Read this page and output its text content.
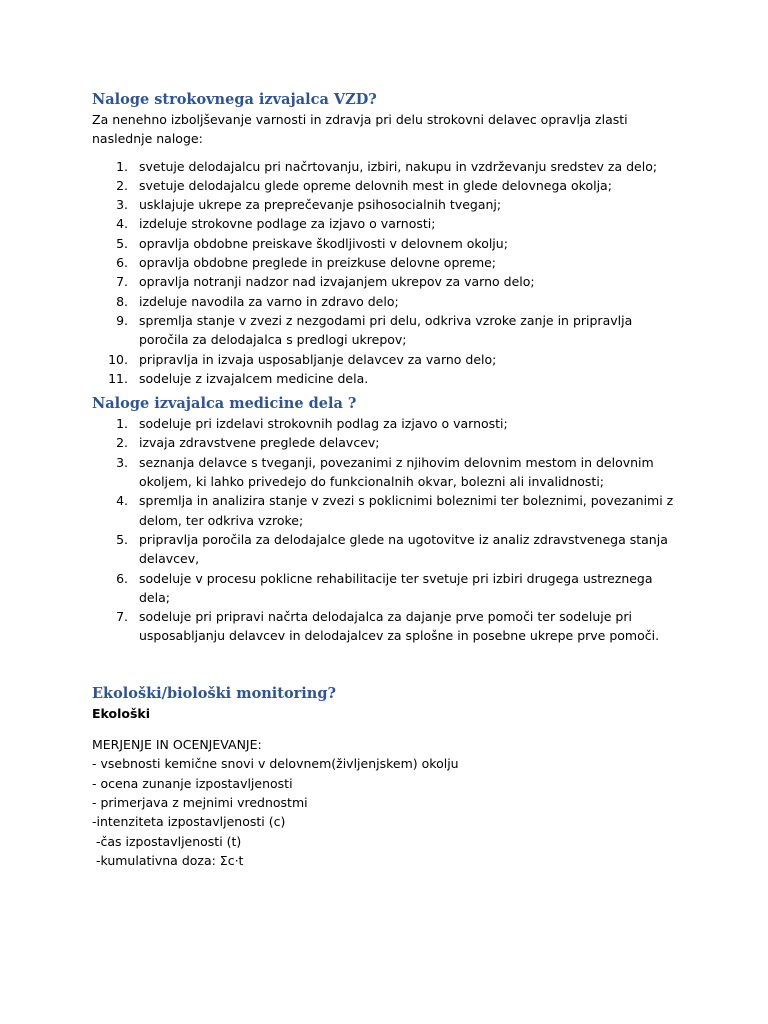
Naloge strokovnega izvajalca VZD?

Za nenehno izboljševanje varnosti in zdravja pri delu strokovni delavec opravlja zlasti naslednje naloge:

1. svetuje delodajalcu pri načrtovanju, izbiri, nakupu in vzdrževanju sredstev za delo;
2. svetuje delodajalcu glede opreme delovnih mest in glede delovnega okolja;
3. usklajuje ukrepe za preprečevanje psihosocialnih tveganj;
4. izdeluje strokovne podlage za izjavo o varnosti;
5. opravlja obdobne preiskave škodljivosti v delovnem okolju;
6. opravlja obdobne preglede in preizkuse delovne opreme;
7. opravlja notranji nadzor nad izvajanjem ukrepov za varno delo;
8. izdeluje navodila za varno in zdravo delo;
9. spremlja stanje v zvezi z nezgodami pri delu, odkriva vzroke zanje in pripravlja poročila za delodajalca s predlogi ukrepov;
10. pripravlja in izvaja usposabljanje delavcev za varno delo;
11. sodeluje z izvajalcem medicine dela.
Naloge izvajalca medicine dela ?
1. sodeluje pri izdelavi strokovnih podlag za izjavo o varnosti;
2. izvaja zdravstvene preglede delavcev;
3. seznanja delavce s tveganji, povezanimi z njihovim delovnim mestom in delovnim okoljem, ki lahko privedejo do funkcionalnih okvar, bolezni ali invalidnosti;
4. spremlja in analizira stanje v zvezi s poklicnimi boleznimi ter boleznimi, povezanimi z delom, ter odkriva vzroke;
5. pripravlja poročila za delodajalce glede na ugotovitve iz analiz zdravstvenega stanja delavcev,
6. sodeluje v procesu poklicne rehabilitacije ter svetuje pri izbiri drugega ustreznega dela;
7. sodeluje pri pripravi načrta delodajalca za dajanje prve pomoči ter sodeluje pri usposabljanju delavcev in delodajalcev za splošne in posebne ukrepe prve pomoči.
Ekološki/biološki monitoring?

Ekološki

MERJENJE IN OCENJEVANJE:
- vsebnosti kemične snovi v delovnem(življenjskem) okolju
- ocena zunanje izpostavljenosti
- primerjava z mejnimi vrednostmi
-intenziteta izpostavljenosti (c)
-čas izpostavljenosti (t)
-kumulativna doza: Σc·t
